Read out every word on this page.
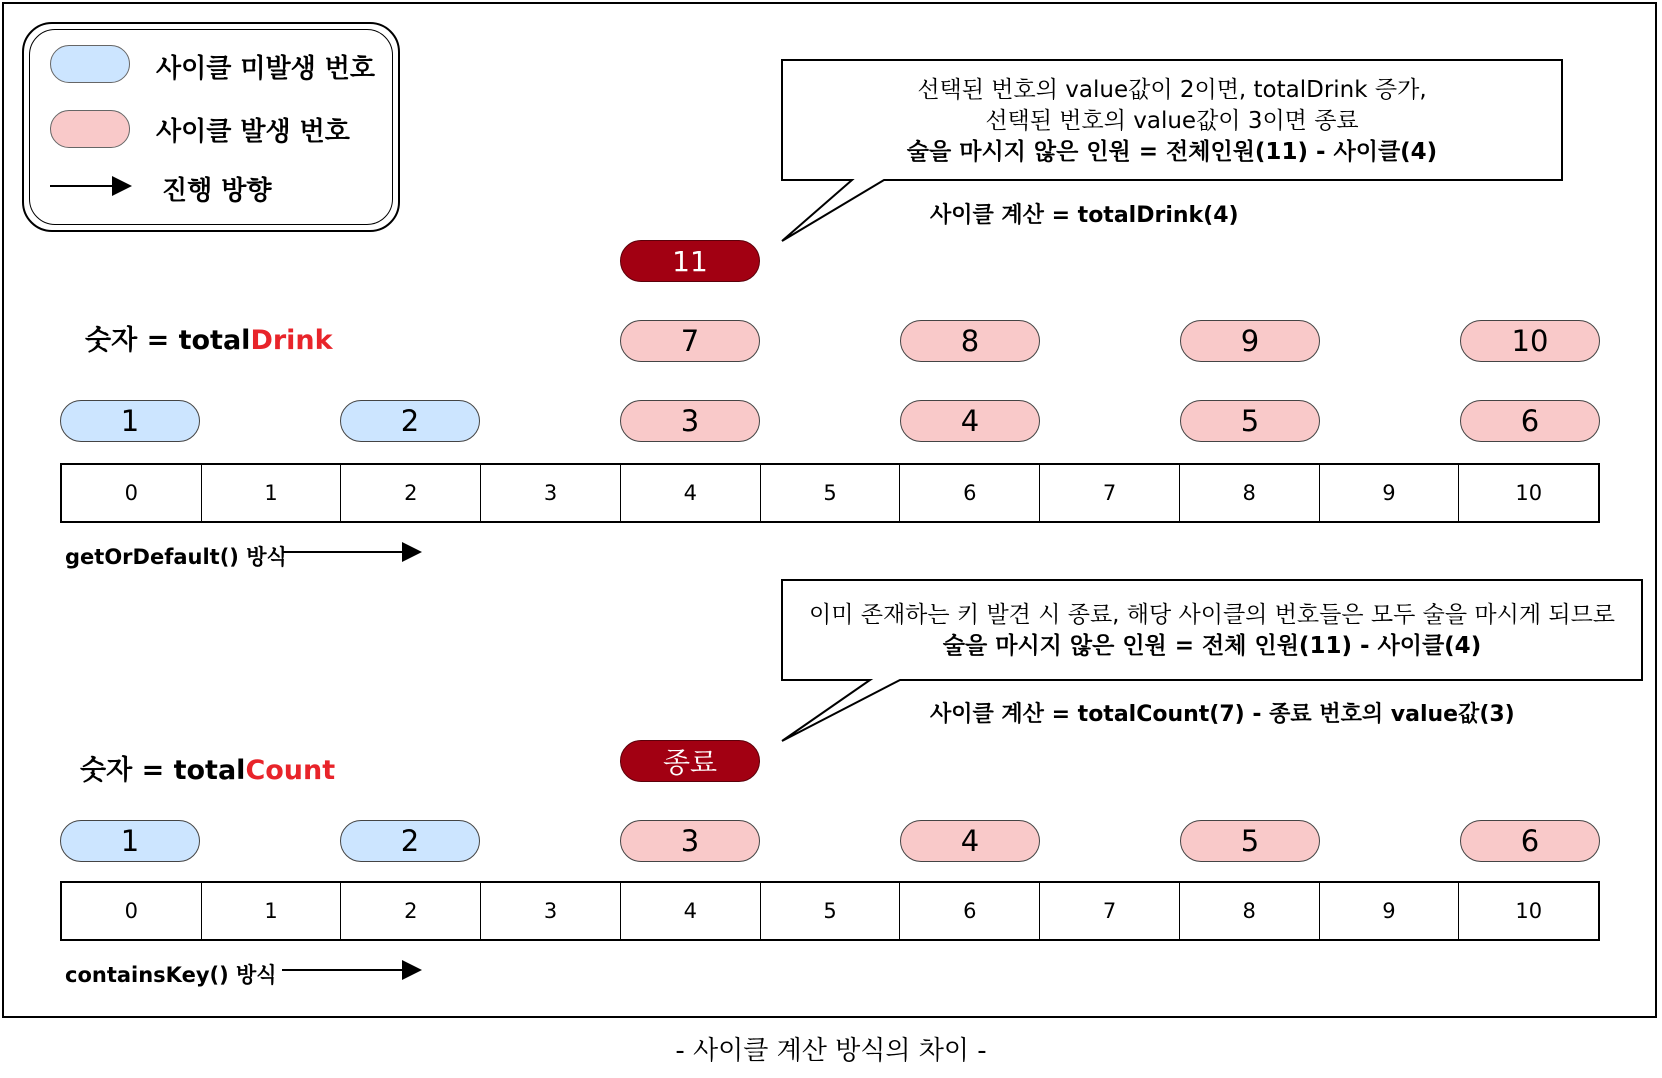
사이클 미발생 번호
사이클 발생 번호
진행 방향
선택된 번호의 value값이 2이면, totalDrink 증가,
선택된 번호의 value값이 3이면 종료
술을 마시지 않은 인원 = 전체인원(11) - 사이클(4)
사이클 계산 = totalDrink(4)
11
숫자 = totalDrink	7	8	9	10
1	2	3	4	5	6
0	1	2	3	4	5	6	7	8	9	10
getOrDefault() 방식
이미 존재하는 키 발견 시 종료, 해당 사이클의 번호들은 모두 술을 마시게 되므로
술을 마시지 않은 인원 = 전체 인원(11) - 사이클(4)
사이클 계산 = totalCount(7) - 종료 번호의 value값(3)
숫자 = totalCount	종료
1	2	3	4	5	6
0	1	2	3	4	5	6	7	8	9	10
containsKey() 방식
- 사이클 계산 방식의 차이 -
